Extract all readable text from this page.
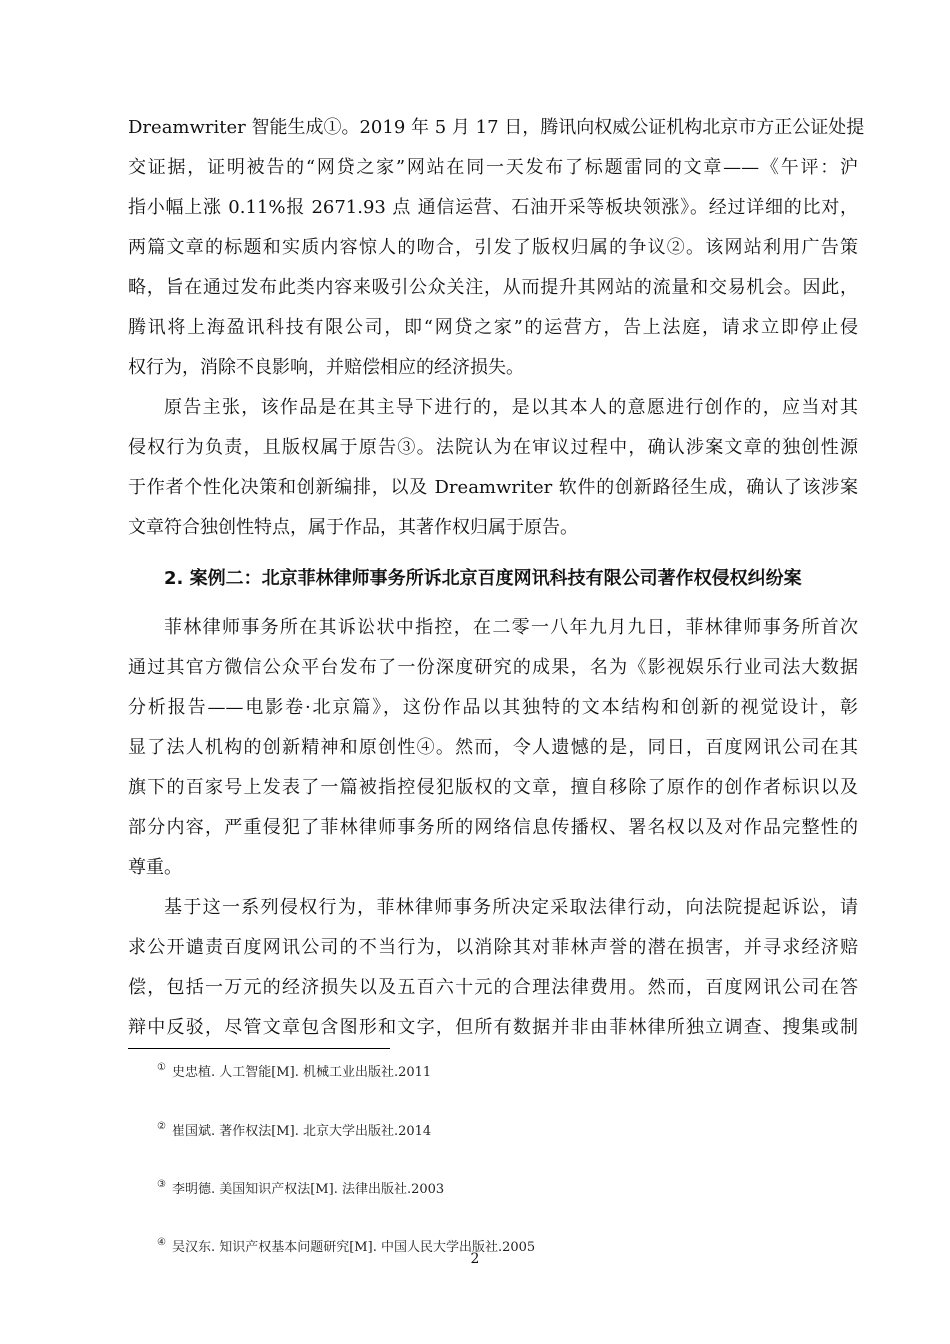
Dreamwriter 智能生成①。2019 年 5 月 17 日，腾讯向权威公证机构北京市方正公证处提
交证据，证明被告的“网贷之家”网站在同一天发布了标题雷同的文章——《午评：沪
指小幅上涨 0.11%报 2671.93 点 通信运营、石油开采等板块领涨》。经过详细的比对，
两篇文章的标题和实质内容惊人的吻合，引发了版权归属的争议②。该网站利用广告策
略，旨在通过发布此类内容来吸引公众关注，从而提升其网站的流量和交易机会。因此，
腾讯将上海盈讯科技有限公司，即“网贷之家”的运营方，告上法庭，请求立即停止侵
权行为，消除不良影响，并赔偿相应的经济损失。
原告主张，该作品是在其主导下进行的，是以其本人的意愿进行创作的，应当对其
侵权行为负责，且版权属于原告③。法院认为在审议过程中，确认涉案文章的独创性源
于作者个性化决策和创新编排，以及 Dreamwriter 软件的创新路径生成，确认了该涉案
文章符合独创性特点，属于作品，其著作权归属于原告。
2. 案例二：北京菲林律师事务所诉北京百度网讯科技有限公司著作权侵权纠纷案
菲林律师事务所在其诉讼状中指控，在二零一八年九月九日，菲林律师事务所首次
通过其官方微信公众平台发布了一份深度研究的成果，名为《影视娱乐行业司法大数据
分析报告——电影卷·北京篇》，这份作品以其独特的文本结构和创新的视觉设计，彰
显了法人机构的创新精神和原创性④。然而，令人遗憾的是，同日，百度网讯公司在其
旗下的百家号上发表了一篇被指控侵犯版权的文章，擅自移除了原作的创作者标识以及
部分内容，严重侵犯了菲林律师事务所的网络信息传播权、署名权以及对作品完整性的
尊重。
基于这一系列侵权行为，菲林律师事务所决定采取法律行动，向法院提起诉讼，请
求公开谴责百度网讯公司的不当行为，以消除其对菲林声誉的潜在损害，并寻求经济赔
偿，包括一万元的经济损失以及五百六十元的合理法律费用。然而，百度网讯公司在答
辩中反驳，尽管文章包含图形和文字，但所有数据并非由菲林律所独立调查、搜集或制
① 史忠植. 人工智能[M]. 机械工业出版社.2011
② 崔国斌. 著作权法[M]. 北京大学出版社.2014
③ 李明德. 美国知识产权法[M]. 法律出版社.2003
④ 吴汉东. 知识产权基本问题研究[M]. 中国人民大学出版社.2005
2
